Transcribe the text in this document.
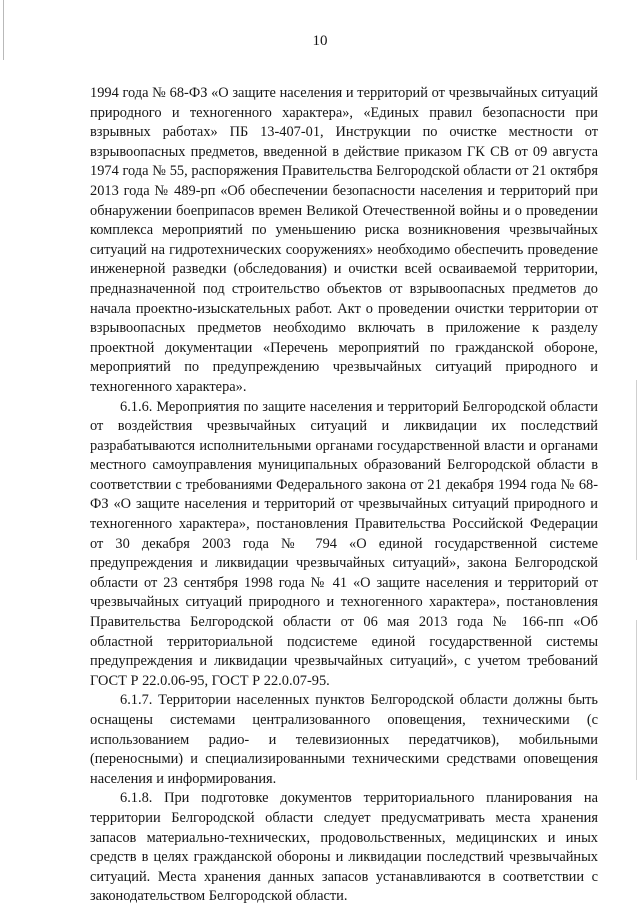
10

1994 года № 68-ФЗ «О защите населения и территорий от чрезвычайных ситуаций природного и техногенного характера», «Единых правил безопасности при взрывных работах» ПБ 13-407-01, Инструкции по очистке местности от взрывоопасных предметов, введенной в действие приказом ГК СВ от 09 августа 1974 года № 55, распоряжения Правительства Белгородской области от 21 октября 2013 года № 489-рп «Об обеспечении безопасности населения и территорий при обнаружении боеприпасов времен Великой Отечественной войны и о проведении комплекса мероприятий по уменьшению риска возникновения чрезвычайных ситуаций на гидротехнических сооружениях» необходимо обеспечить проведение инженерной разведки (обследования) и очистки всей осваиваемой территории, предназначенной под строительство объектов от взрывоопасных предметов до начала проектно-изыскательных работ. Акт о проведении очистки территории от взрывоопасных предметов необходимо включать в приложение к разделу проектной документации «Перечень мероприятий по гражданской обороне, мероприятий по предупреждению чрезвычайных ситуаций природного и техногенного характера».

6.1.6. Мероприятия по защите населения и территорий Белгородской области от воздействия чрезвычайных ситуаций и ликвидации их последствий разрабатываются исполнительными органами государственной власти и органами местного самоуправления муниципальных образований Белгородской области в соответствии с требованиями Федерального закона от 21 декабря 1994 года № 68-ФЗ «О защите населения и территорий от чрезвычайных ситуаций природного и техногенного характера», постановления Правительства Российской Федерации от 30 декабря 2003 года № 794 «О единой государственной системе предупреждения и ликвидации чрезвычайных ситуаций», закона Белгородской области от 23 сентября 1998 года № 41 «О защите населения и территорий от чрезвычайных ситуаций природного и техногенного характера», постановления Правительства Белгородской области от 06 мая 2013 года № 166-пп «Об областной территориальной подсистеме единой государственной системы предупреждения и ликвидации чрезвычайных ситуаций», с учетом требований ГОСТ Р 22.0.06-95, ГОСТ Р 22.0.07-95.

6.1.7. Территории населенных пунктов Белгородской области должны быть оснащены системами централизованного оповещения, техническими (с использованием радио- и телевизионных передатчиков), мобильными (переносными) и специализированными техническими средствами оповещения населения и информирования.

6.1.8. При подготовке документов территориального планирования на территории Белгородской области следует предусматривать места хранения запасов материально-технических, продовольственных, медицинских и иных средств в целях гражданской обороны и ликвидации последствий чрезвычайных ситуаций. Места хранения данных запасов устанавливаются в соответствии с законодательством Белгородской области.
